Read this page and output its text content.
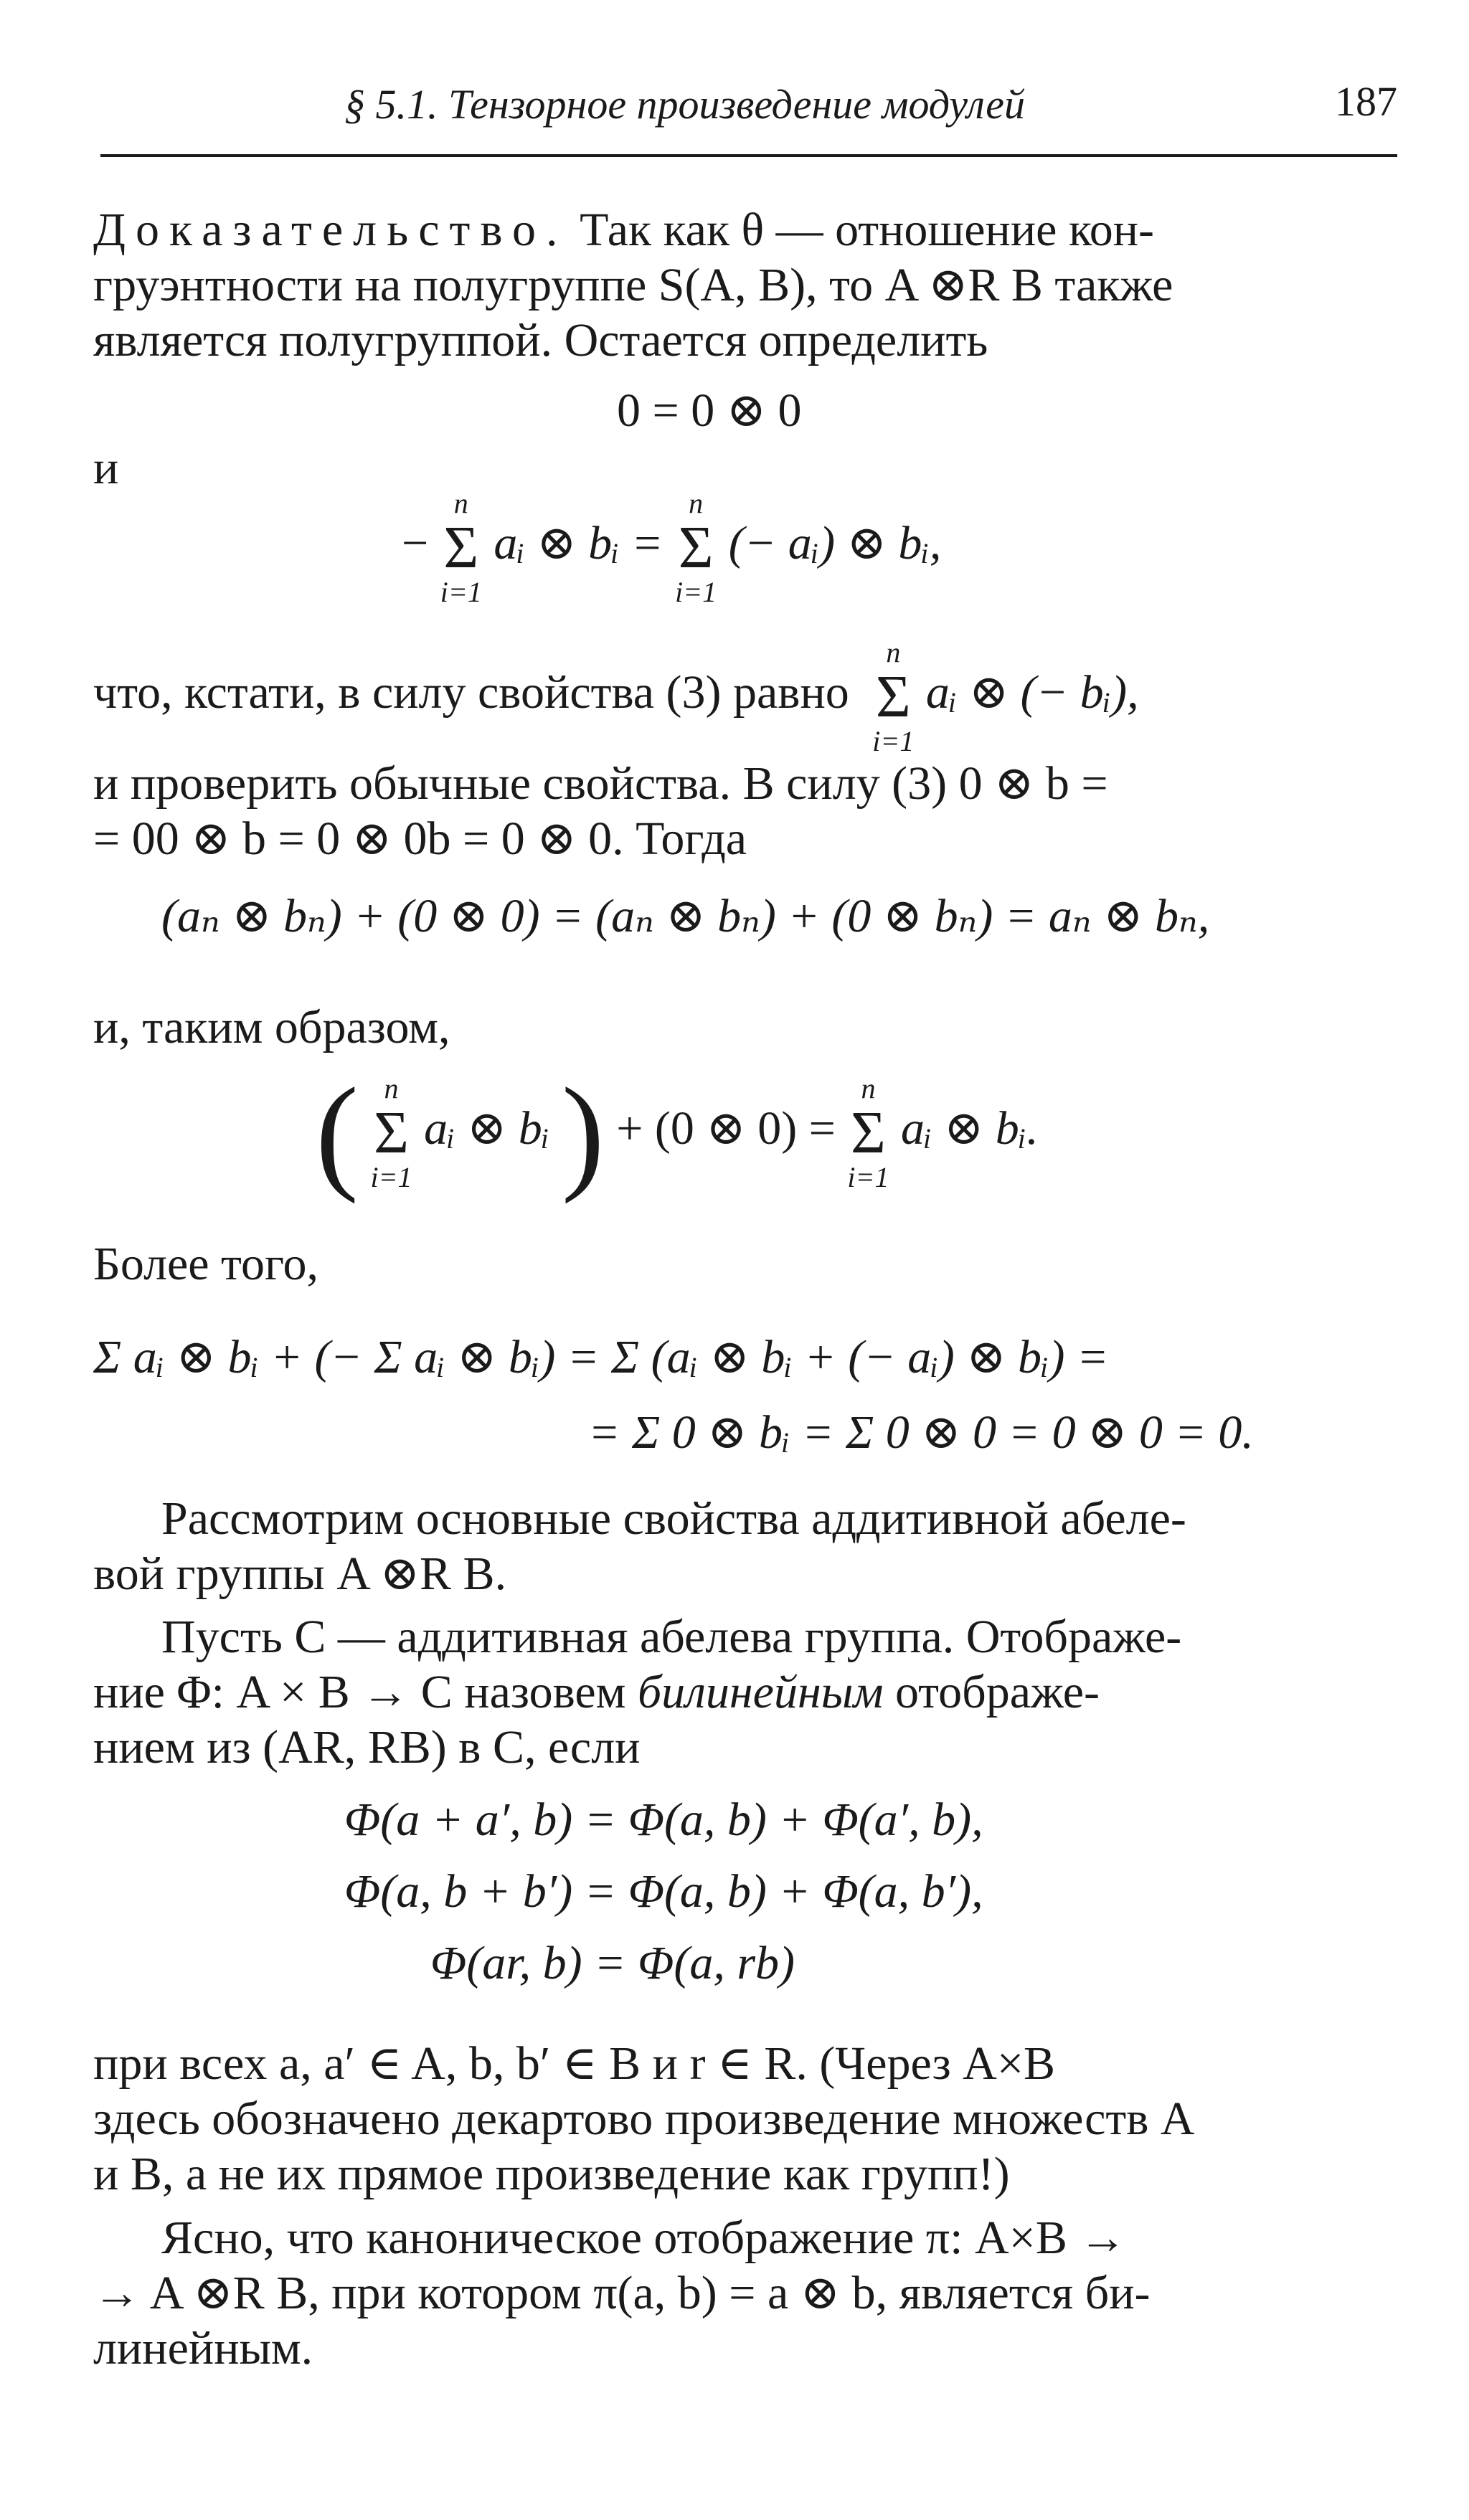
§ 5.1. Тензорное произведение модулей	187
Доказательство. Так как θ — отношение кон-
груэнтности на полугруппе S(A, B), то A ⊗R B также
является полугруппой. Остается определить
0 = 0 ⊗ 0
и
−
n
Σ
i=1
aᵢ ⊗ bᵢ =
n
Σ
i=1
(− aᵢ) ⊗ bᵢ,
что, кстати, в силу свойства (3) равно
n
Σ
i=1
aᵢ ⊗ (− bᵢ),
и проверить обычные свойства. В силу (3) 0 ⊗ b =
= 00 ⊗ b = 0 ⊗ 0b = 0 ⊗ 0. Тогда
(aₙ ⊗ bₙ) + (0 ⊗ 0) = (aₙ ⊗ bₙ) + (0 ⊗ bₙ) = aₙ ⊗ bₙ,
и, таким образом,
( n
Σ
i=1
aᵢ ⊗ bᵢ ) + (0 ⊗ 0) =
n
Σ
i=1
aᵢ ⊗ bᵢ.
Более того,
Σ aᵢ ⊗ bᵢ + (− Σ aᵢ ⊗ bᵢ) = Σ (aᵢ ⊗ bᵢ + (− aᵢ) ⊗ bᵢ) =
= Σ 0 ⊗ bᵢ = Σ 0 ⊗ 0 = 0 ⊗ 0 = 0.
Рассмотрим основные свойства аддитивной абеле-
вой группы A ⊗R B.
Пусть C — аддитивная абелева группа. Отображе-
ние Φ: A × B → C назовем билинейным отображе-
нием из (AR, RB) в C, если
Φ(a + a′, b) = Φ(a, b) + Φ(a′, b),
Φ(a, b + b′) = Φ(a, b) + Φ(a, b′),
Φ(ar, b) = Φ(a, rb)
при всех a, a′ ∈ A, b, b′ ∈ B и r ∈ R. (Через A×B
здесь обозначено декартово произведение множеств A
и B, а не их прямое произведение как групп!)
Ясно, что каноническое отображение π: A×B →
→ A ⊗R B, при котором π(a, b) = a ⊗ b, является би-
линейным.
